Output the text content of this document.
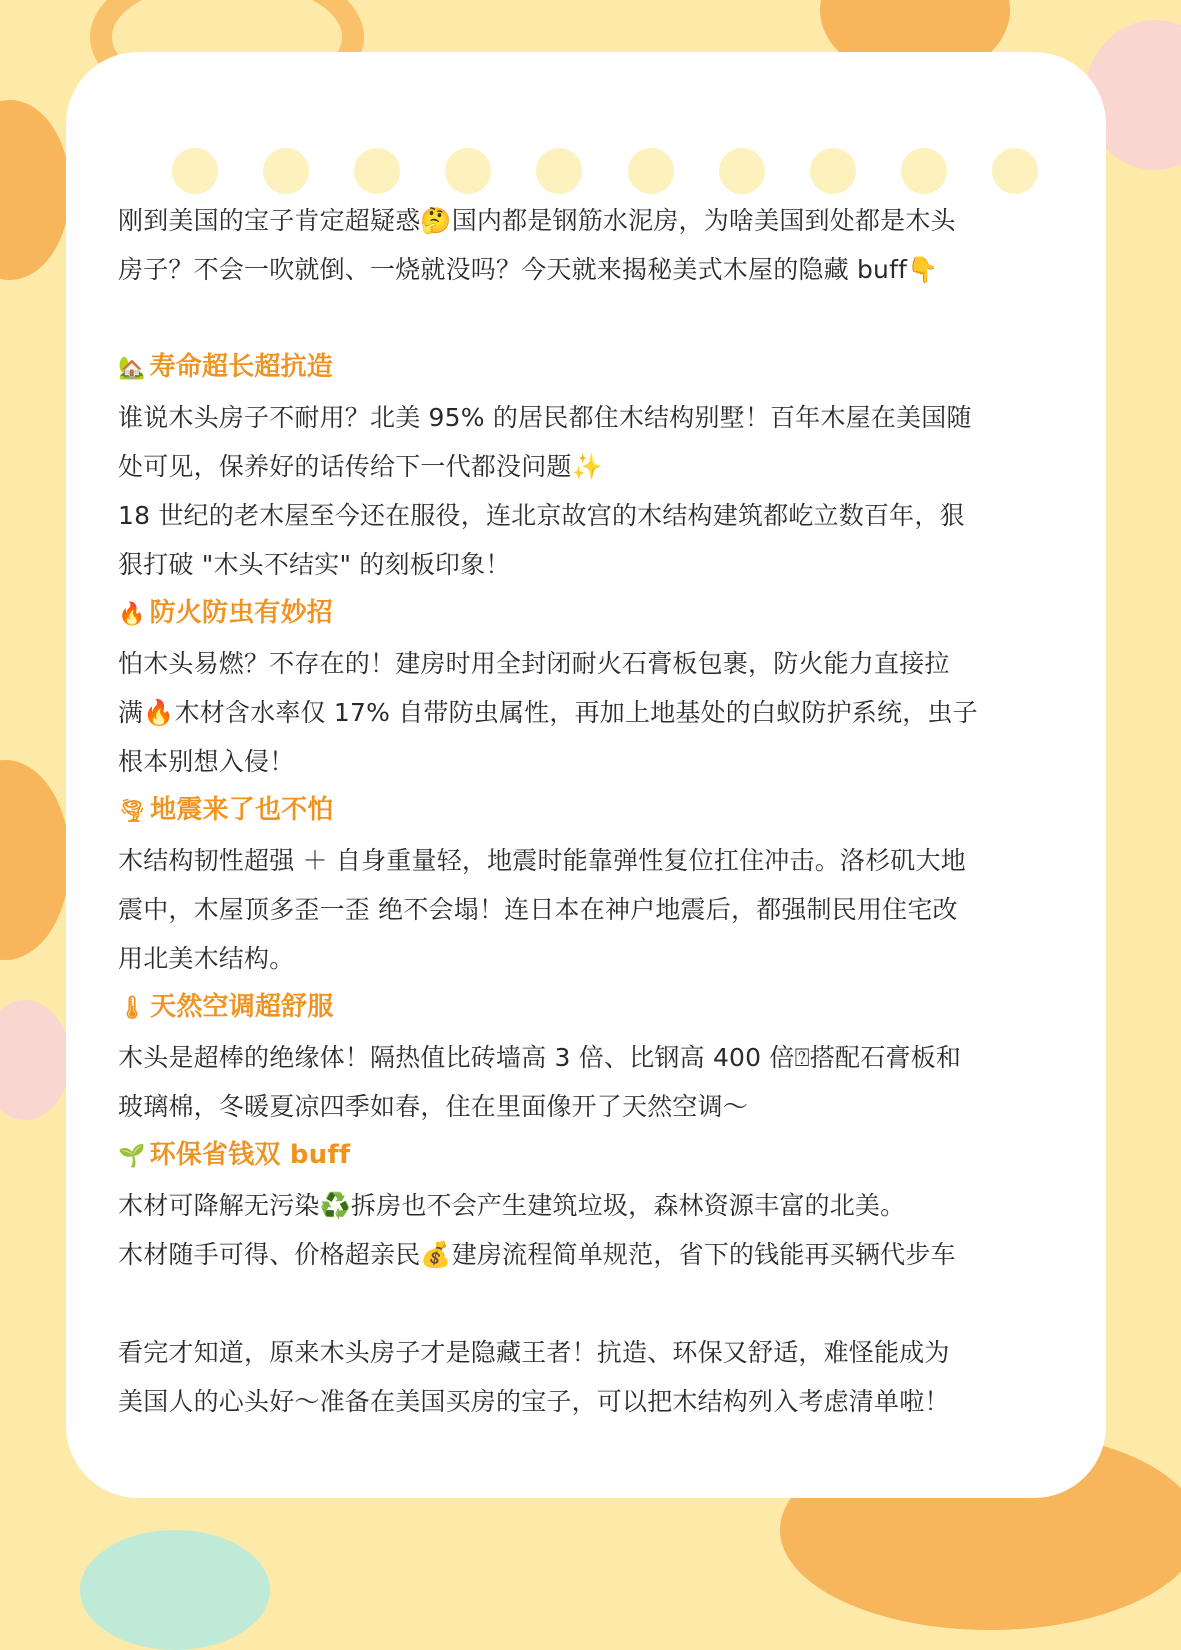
刚到美国的宝子肯定超疑惑🤔国内都是钢筋水泥房，为啥美国到处都是木头

房子？不会一吹就倒、一烧就没吗？今天就来揭秘美式木屋的隐藏 buff👇

🏡 寿命超长超抗造

谁说木头房子不耐用？北美 95% 的居民都住木结构别墅！百年木屋在美国随

处可见，保养好的话传给下一代都没问题✨

18 世纪的老木屋至今还在服役，连北京故宫的木结构建筑都屹立数百年，狠

狠打破 "木头不结实" 的刻板印象！

🔥 防火防虫有妙招

怕木头易燃？不存在的！建房时用全封闭耐火石膏板包裹，防火能力直接拉

满🔥木材含水率仅 17% 自带防虫属性，再加上地基处的白蚁防护系统，虫子

根本别想入侵！

🌪 地震来了也不怕

木结构韧性超强 ＋ 自身重量轻，地震时能靠弹性复位扛住冲击。洛杉矶大地

震中，木屋顶多歪一歪 绝不会塌！连日本在神户地震后，都强制民用住宅改

用北美木结构。

🌡 天然空调超舒服

木头是超棒的绝缘体！隔热值比砖墙高 3 倍、比钢高 400 倍⍰搭配石膏板和

玻璃棉，冬暖夏凉四季如春，住在里面像开了天然空调～

🌱 环保省钱双 buff

木材可降解无污染♻️拆房也不会产生建筑垃圾，森林资源丰富的北美。

木材随手可得、价格超亲民💰建房流程简单规范，省下的钱能再买辆代步车

看完才知道，原来木头房子才是隐藏王者！抗造、环保又舒适，难怪能成为

美国人的心头好～准备在美国买房的宝子，可以把木结构列入考虑清单啦！
